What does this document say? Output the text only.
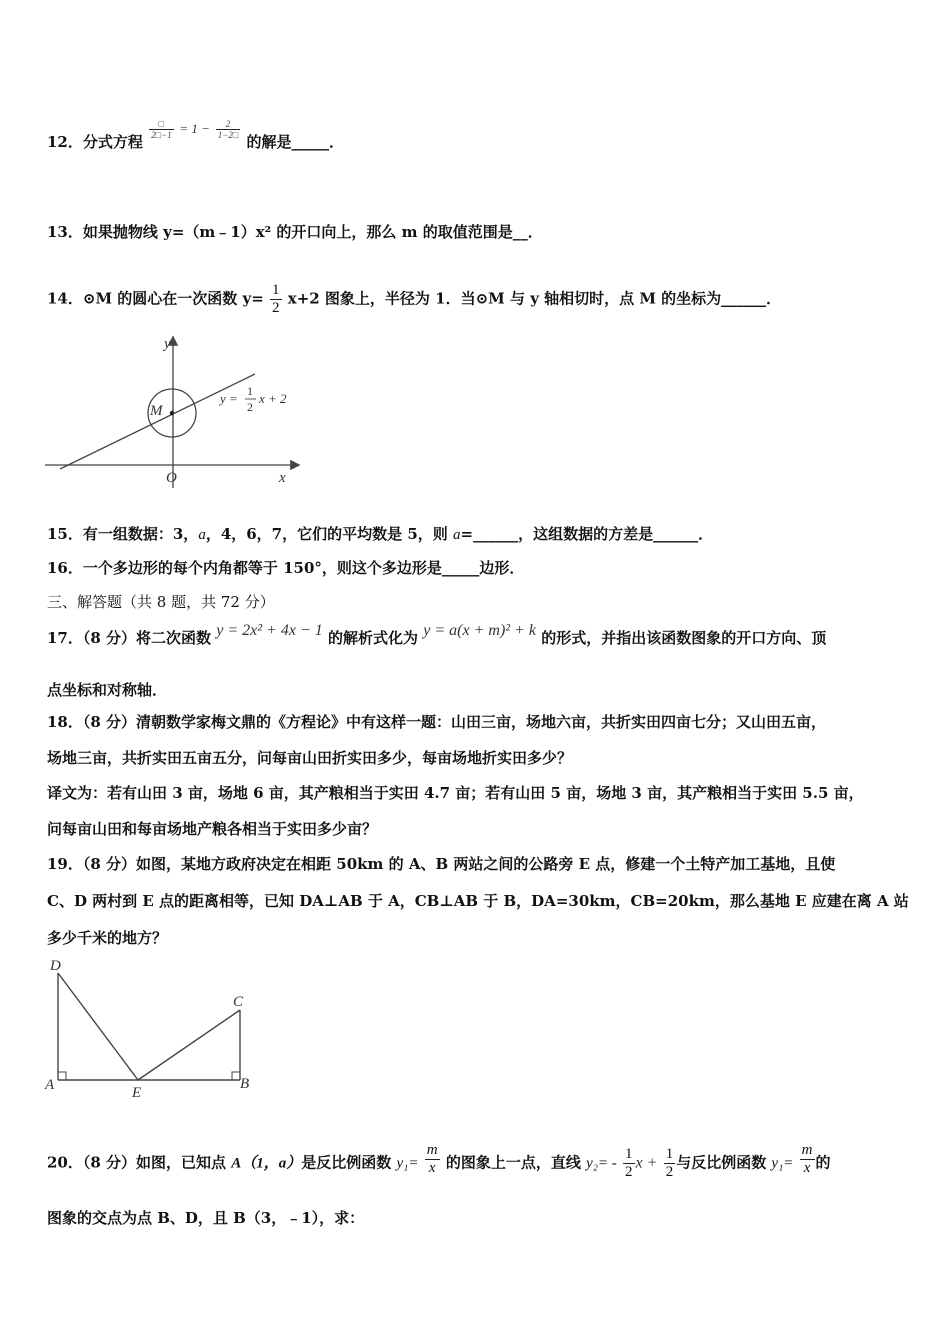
12．分式方程
$\frac{□}{2□-1} = 1 - \frac{2}{1-2□}$
的解是_____．
13．如果抛物线 y=（m﹣1）x² 的开口向上，那么 m 的取值范围是__．
14．⊙M 的圆心在一次函数 $y= \frac{1}{2} x+2$ 图象上，半径为 1．当⊙M 与 y 轴相切时，点 M 的坐标为______．
y
x
O
M
y = 1
2
x + 2
15．有一组数据：3，a，4，6，7，它们的平均数是 5，则 a=______，这组数据的方差是______．
16．一个多边形的每个内角都等于 150°，则这个多边形是_____边形．
三、解答题（共 8 题，共 72 分）
17．（8 分）将二次函数 y = 2x² + 4x − 1 的解析式化为 y = a(x + m)² + k 的形式，并指出该函数图象的开口方向、顶
点坐标和对称轴．
18．（8 分）清朝数学家梅文鼎的《方程论》中有这样一题：山田三亩，场地六亩，共折实田四亩七分；又山田五亩，
场地三亩，共折实田五亩五分，问每亩山田折实田多少，每亩场地折实田多少？
译文为：若有山田 3 亩，场地 6 亩，其产粮相当于实田 4.7 亩；若有山田 5 亩，场地 3 亩，其产粮相当于实田 5.5 亩，
问每亩山田和每亩场地产粮各相当于实田多少亩？
19．（8 分）如图，某地方政府决定在相距 50km 的 A、B 两站之间的公路旁 E 点，修建一个土特产加工基地，且使
C、D 两村到 E 点的距离相等，已知 DA⊥AB 于 A，CB⊥AB 于 B，DA=30km，CB=20km，那么基地 E 应建在离 A 站
多少千米的地方？
D
C
A	E
B
20．（8 分）如图，已知点 A（1，a）是反比例函数 $y_1= \frac{m}{x}$ 的图象上一点，直线 $y_2= - \frac{1}{2}$ $x + \frac{1}{2}$ 与反比例函数 $y_1= \frac{m}{x}$ 的
图象的交点为点 B、D，且 B（3，﹣1），求：
